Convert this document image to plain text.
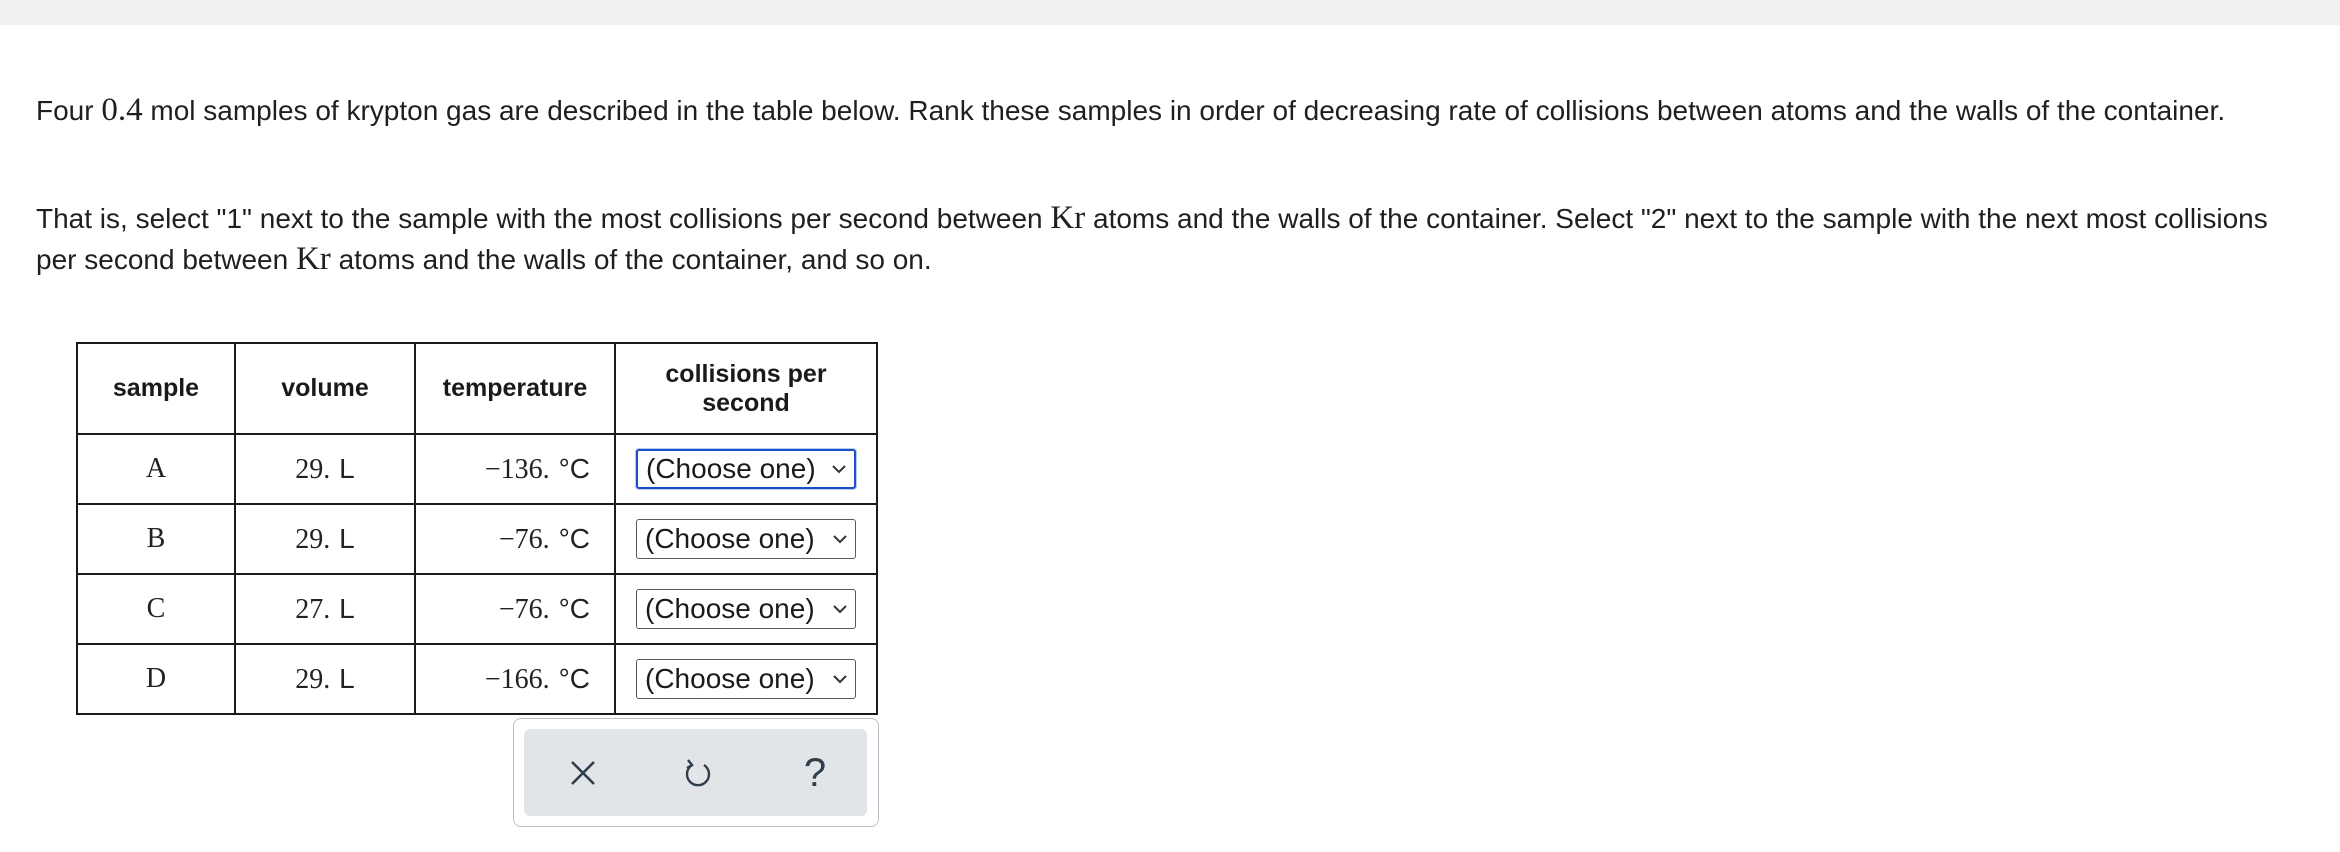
Four 0.4 mol samples of krypton gas are described in the table below. Rank these samples in order of decreasing rate of collisions between atoms and the walls of the container.
That is, select "1" next to the sample with the most collisions per second between Kr atoms and the walls of the container. Select "2" next to the sample with the next most collisions per second between Kr atoms and the walls of the container, and so on.
sample	volume	temperature	collisions per second

A	29. L	−136. °C	(Choose one)

B	29. L	−76. °C	(Choose one)

C	27. L	−76. °C	(Choose one)

D	29. L	−166. °C	(Choose one)
?
